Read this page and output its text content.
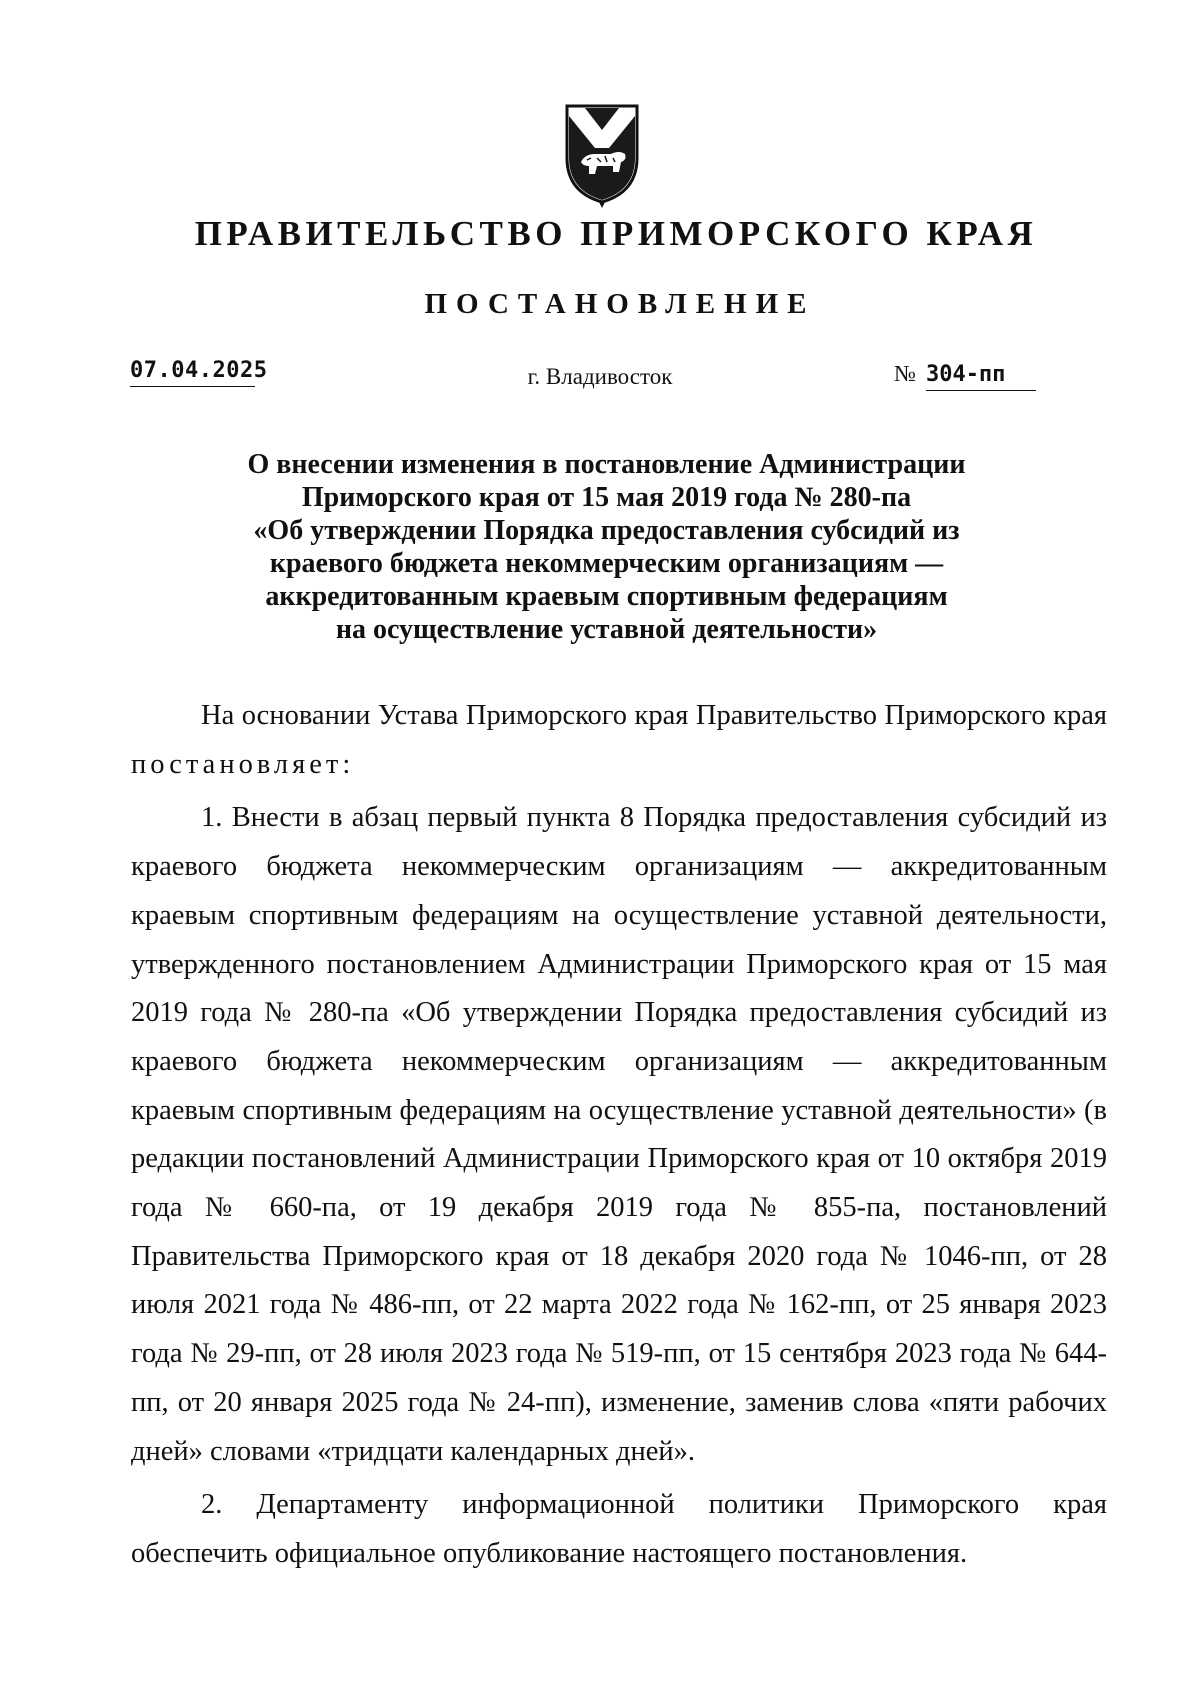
ПРАВИТЕЛЬСТВО ПРИМОРСКОГО КРАЯ
ПОСТАНОВЛЕНИЕ
07.04.2025	г. Владивосток	№ 304-пп
О внесении изменения в постановление Администрации
Приморского края от 15 мая 2019 года № 280-па
«Об утверждении Порядка предоставления субсидий из
краевого бюджета некоммерческим организациям —
аккредитованным краевым спортивным федерациям
на осуществление уставной деятельности»

На основании Устава Приморского края Правительство Приморского края постановляет:

1. Внести в абзац первый пункта 8 Порядка предоставления субсидий из краевого бюджета некоммерческим организациям — аккредитованным краевым спортивным федерациям на осуществление уставной деятельности, утвержденного постановлением Администрации Приморского края от 15 мая 2019 года № 280-па «Об утверждении Порядка предоставления субсидий из краевого бюджета некоммерческим организациям — аккредитованным краевым спортивным федерациям на осуществление уставной деятельности» (в редакции постановлений Администрации Приморского края от 10 октября 2019 года № 660-па, от 19 декабря 2019 года № 855-па, постановлений Правительства Приморского края от 18 декабря 2020 года № 1046-пп, от 28 июля 2021 года № 486-пп, от 22 марта 2022 года № 162-пп, от 25 января 2023 года № 29-пп, от 28 июля 2023 года № 519-пп, от 15 сентября 2023 года № 644-пп, от 20 января 2025 года № 24-пп), изменение, заменив слова «пяти рабочих дней» словами «тридцати календарных дней».

2. Департаменту информационной политики Приморского края обеспечить официальное опубликование настоящего постановления.
